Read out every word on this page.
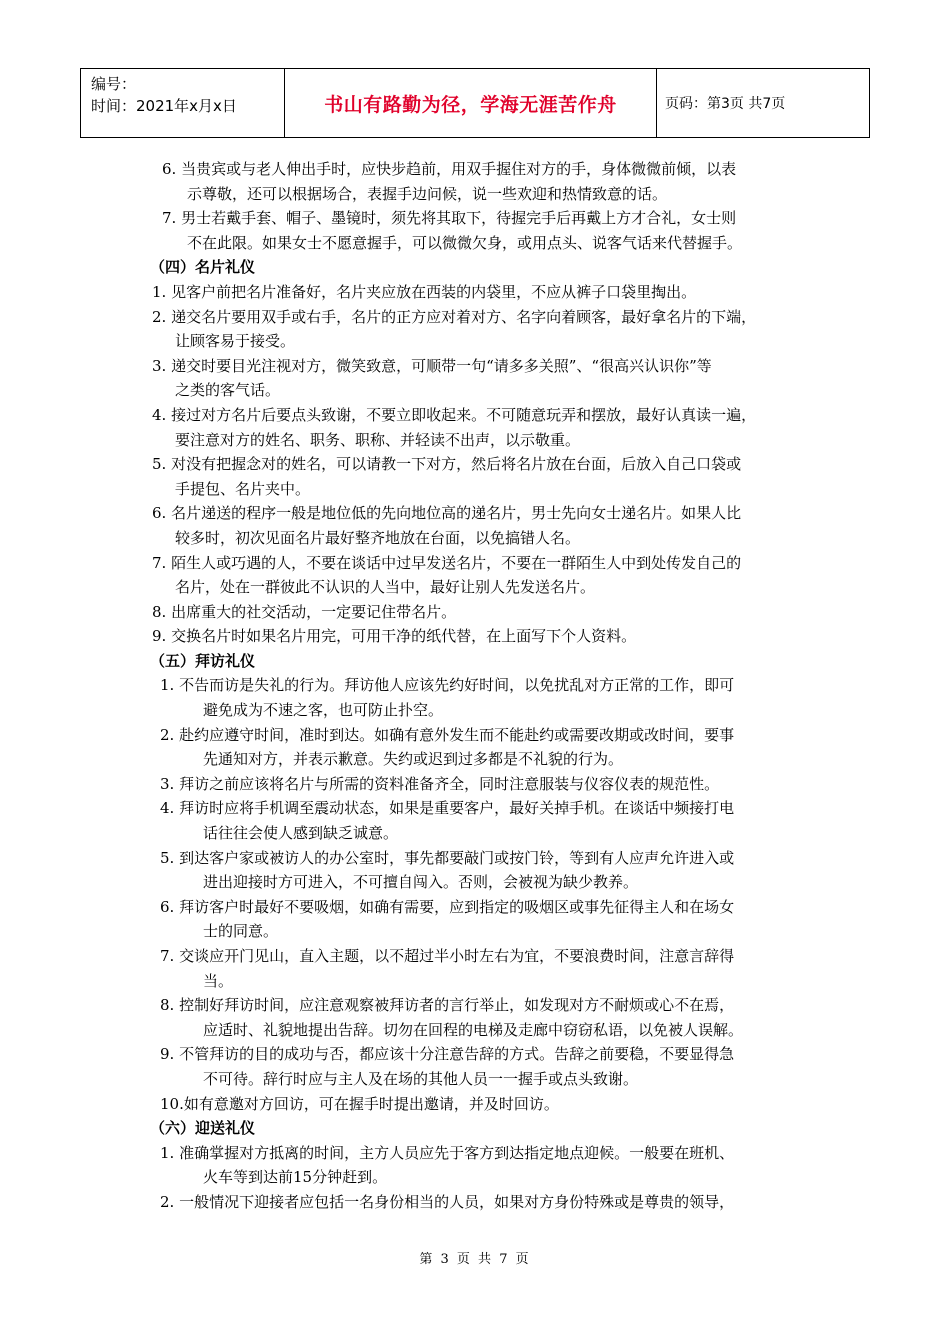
编号：
时间：2021年x月x日	书山有路勤为径，学海无涯苦作舟	页码：第3页 共7页
6. 当贵宾或与老人伸出手时，应快步趋前，用双手握住对方的手，身体微微前倾，以表
示尊敬，还可以根据场合，表握手边问候，说一些欢迎和热情致意的话。
7. 男士若戴手套、帽子、墨镜时，须先将其取下，待握完手后再戴上方才合礼，女士则
不在此限。如果女士不愿意握手，可以微微欠身，或用点头、说客气话来代替握手。
（四）名片礼仪
1. 见客户前把名片准备好，名片夹应放在西装的内袋里，不应从裤子口袋里掏出。
2. 递交名片要用双手或右手，名片的正方应对着对方、名字向着顾客，最好拿名片的下端，
让顾客易于接受。
3. 递交时要目光注视对方，微笑致意，可顺带一句“请多多关照”、“很高兴认识你”等
之类的客气话。
4. 接过对方名片后要点头致谢，不要立即收起来。不可随意玩弄和摆放，最好认真读一遍，
要注意对方的姓名、职务、职称、并轻读不出声，以示敬重。
5. 对没有把握念对的姓名，可以请教一下对方，然后将名片放在台面，后放入自己口袋或
手提包、名片夹中。
6. 名片递送的程序一般是地位低的先向地位高的递名片，男士先向女士递名片。如果人比
较多时，初次见面名片最好整齐地放在台面，以免搞错人名。
7. 陌生人或巧遇的人，不要在谈话中过早发送名片，不要在一群陌生人中到处传发自己的
名片，处在一群彼此不认识的人当中，最好让别人先发送名片。
8. 出席重大的社交活动，一定要记住带名片。
9. 交换名片时如果名片用完，可用干净的纸代替，在上面写下个人资料。
（五）拜访礼仪
1. 不告而访是失礼的行为。拜访他人应该先约好时间，以免扰乱对方正常的工作，即可
避免成为不速之客，也可防止扑空。
2. 赴约应遵守时间，准时到达。如确有意外发生而不能赴约或需要改期或改时间，要事
先通知对方，并表示歉意。失约或迟到过多都是不礼貌的行为。
3. 拜访之前应该将名片与所需的资料准备齐全，同时注意服装与仪容仪表的规范性。
4. 拜访时应将手机调至震动状态，如果是重要客户，最好关掉手机。在谈话中频接打电
话往往会使人感到缺乏诚意。
5. 到达客户家或被访人的办公室时，事先都要敲门或按门铃，等到有人应声允许进入或
进出迎接时方可进入，不可擅自闯入。否则，会被视为缺少教养。
6. 拜访客户时最好不要吸烟，如确有需要，应到指定的吸烟区或事先征得主人和在场女
士的同意。
7. 交谈应开门见山，直入主题，以不超过半小时左右为宜，不要浪费时间，注意言辞得
当。
8. 控制好拜访时间，应注意观察被拜访者的言行举止，如发现对方不耐烦或心不在焉，
应适时、礼貌地提出告辞。切勿在回程的电梯及走廊中窃窃私语，以免被人误解。
9. 不管拜访的目的成功与否，都应该十分注意告辞的方式。告辞之前要稳，不要显得急
不可待。辞行时应与主人及在场的其他人员一一握手或点头致谢。
10.如有意邀对方回访，可在握手时提出邀请，并及时回访。
（六）迎送礼仪
1. 准确掌握对方抵离的时间，主方人员应先于客方到达指定地点迎候。一般要在班机、
火车等到达前15分钟赶到。
2. 一般情况下迎接者应包括一名身份相当的人员，如果对方身份特殊或是尊贵的领导，
第 3 页 共 7 页
